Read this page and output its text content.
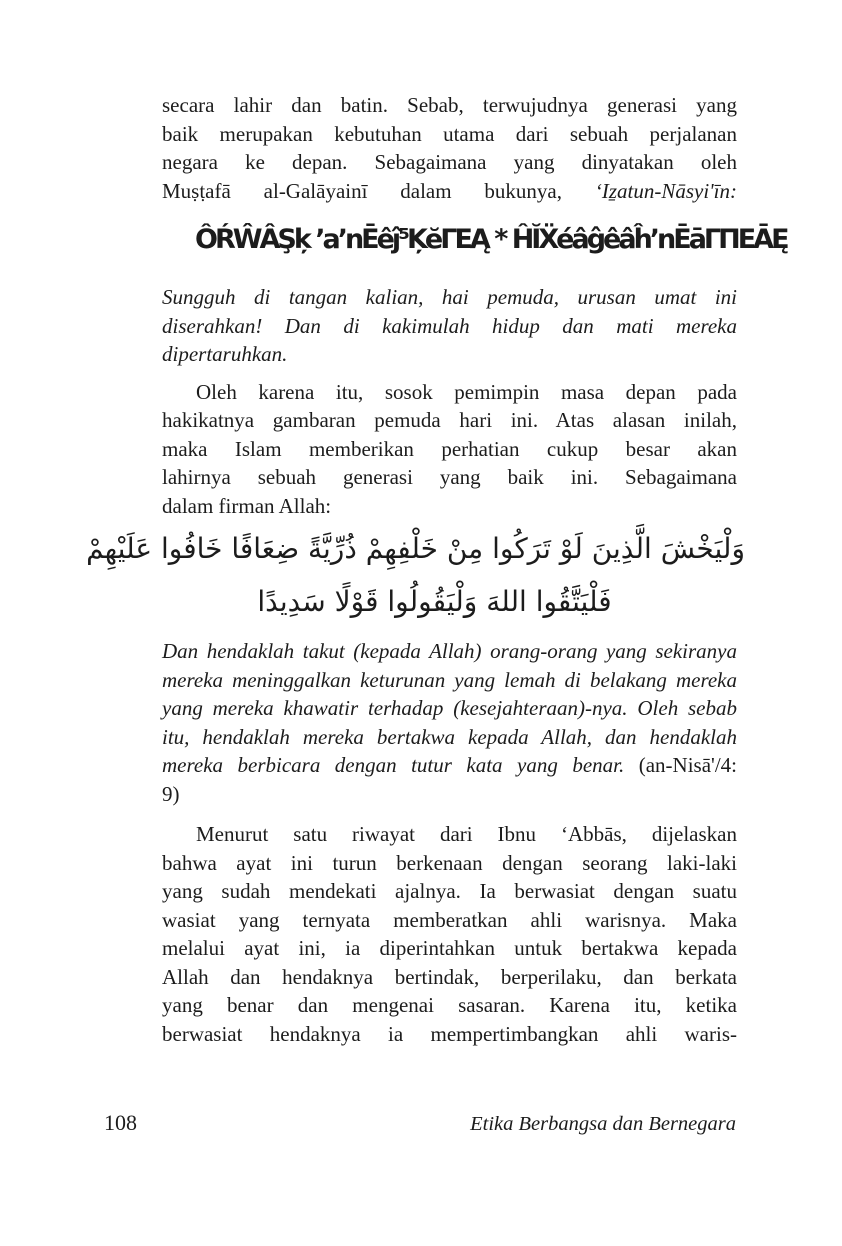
secara lahir dan batin. Sebab, terwujudnya generasi yang
baik merupakan kebutuhan utama dari sebuah perjalanan
negara ke depan. Sebagaimana yang dinyatakan oleh
Muṣṭafā al-Galāyainī dalam bukunya, ʻIẕatun-Nāsyi'īn:
ÔŔŴÂŞķ ʼaʼnĒêĵ⁵ĶĕΓΕĄ * ĤĬẌéâĝêâĥʼnĒāΓΠΕĀĘ
Sungguh di tangan kalian, hai pemuda, urusan umat ini
diserahkan! Dan di kakimulah hidup dan mati mereka
dipertaruhkan.
Oleh karena itu, sosok pemimpin masa depan pada
hakikatnya gambaran pemuda hari ini. Atas alasan inilah,
maka Islam memberikan perhatian cukup besar akan
lahirnya sebuah generasi yang baik ini. Sebagaimana
dalam firman Allah:
وَلْيَخْشَ الَّذِينَ لَوْ تَرَكُوا مِنْ خَلْفِهِمْ ذُرِّيَّةً ضِعَافًا خَافُوا عَلَيْهِمْ
فَلْيَتَّقُوا اللهَ وَلْيَقُولُوا قَوْلًا سَدِيدًا
Dan hendaklah takut (kepada Allah) orang-orang yang sekiranya
mereka meninggalkan keturunan yang lemah di belakang mereka
yang mereka khawatir terhadap (kesejahteraan)-nya. Oleh sebab
itu, hendaklah mereka bertakwa kepada Allah, dan hendaklah
mereka berbicara dengan tutur kata yang benar. (an-Nisā'/4:
9)
Menurut satu riwayat dari Ibnu ʻAbbās, dijelaskan
bahwa ayat ini turun berkenaan dengan seorang laki-laki
yang sudah mendekati ajalnya. Ia berwasiat dengan suatu
wasiat yang ternyata memberatkan ahli warisnya. Maka
melalui ayat ini, ia diperintahkan untuk bertakwa kepada
Allah dan hendaknya bertindak, berperilaku, dan berkata
yang benar dan mengenai sasaran. Karena itu, ketika
berwasiat hendaknya ia mempertimbangkan ahli waris-
108	Etika Berbangsa dan Bernegara
